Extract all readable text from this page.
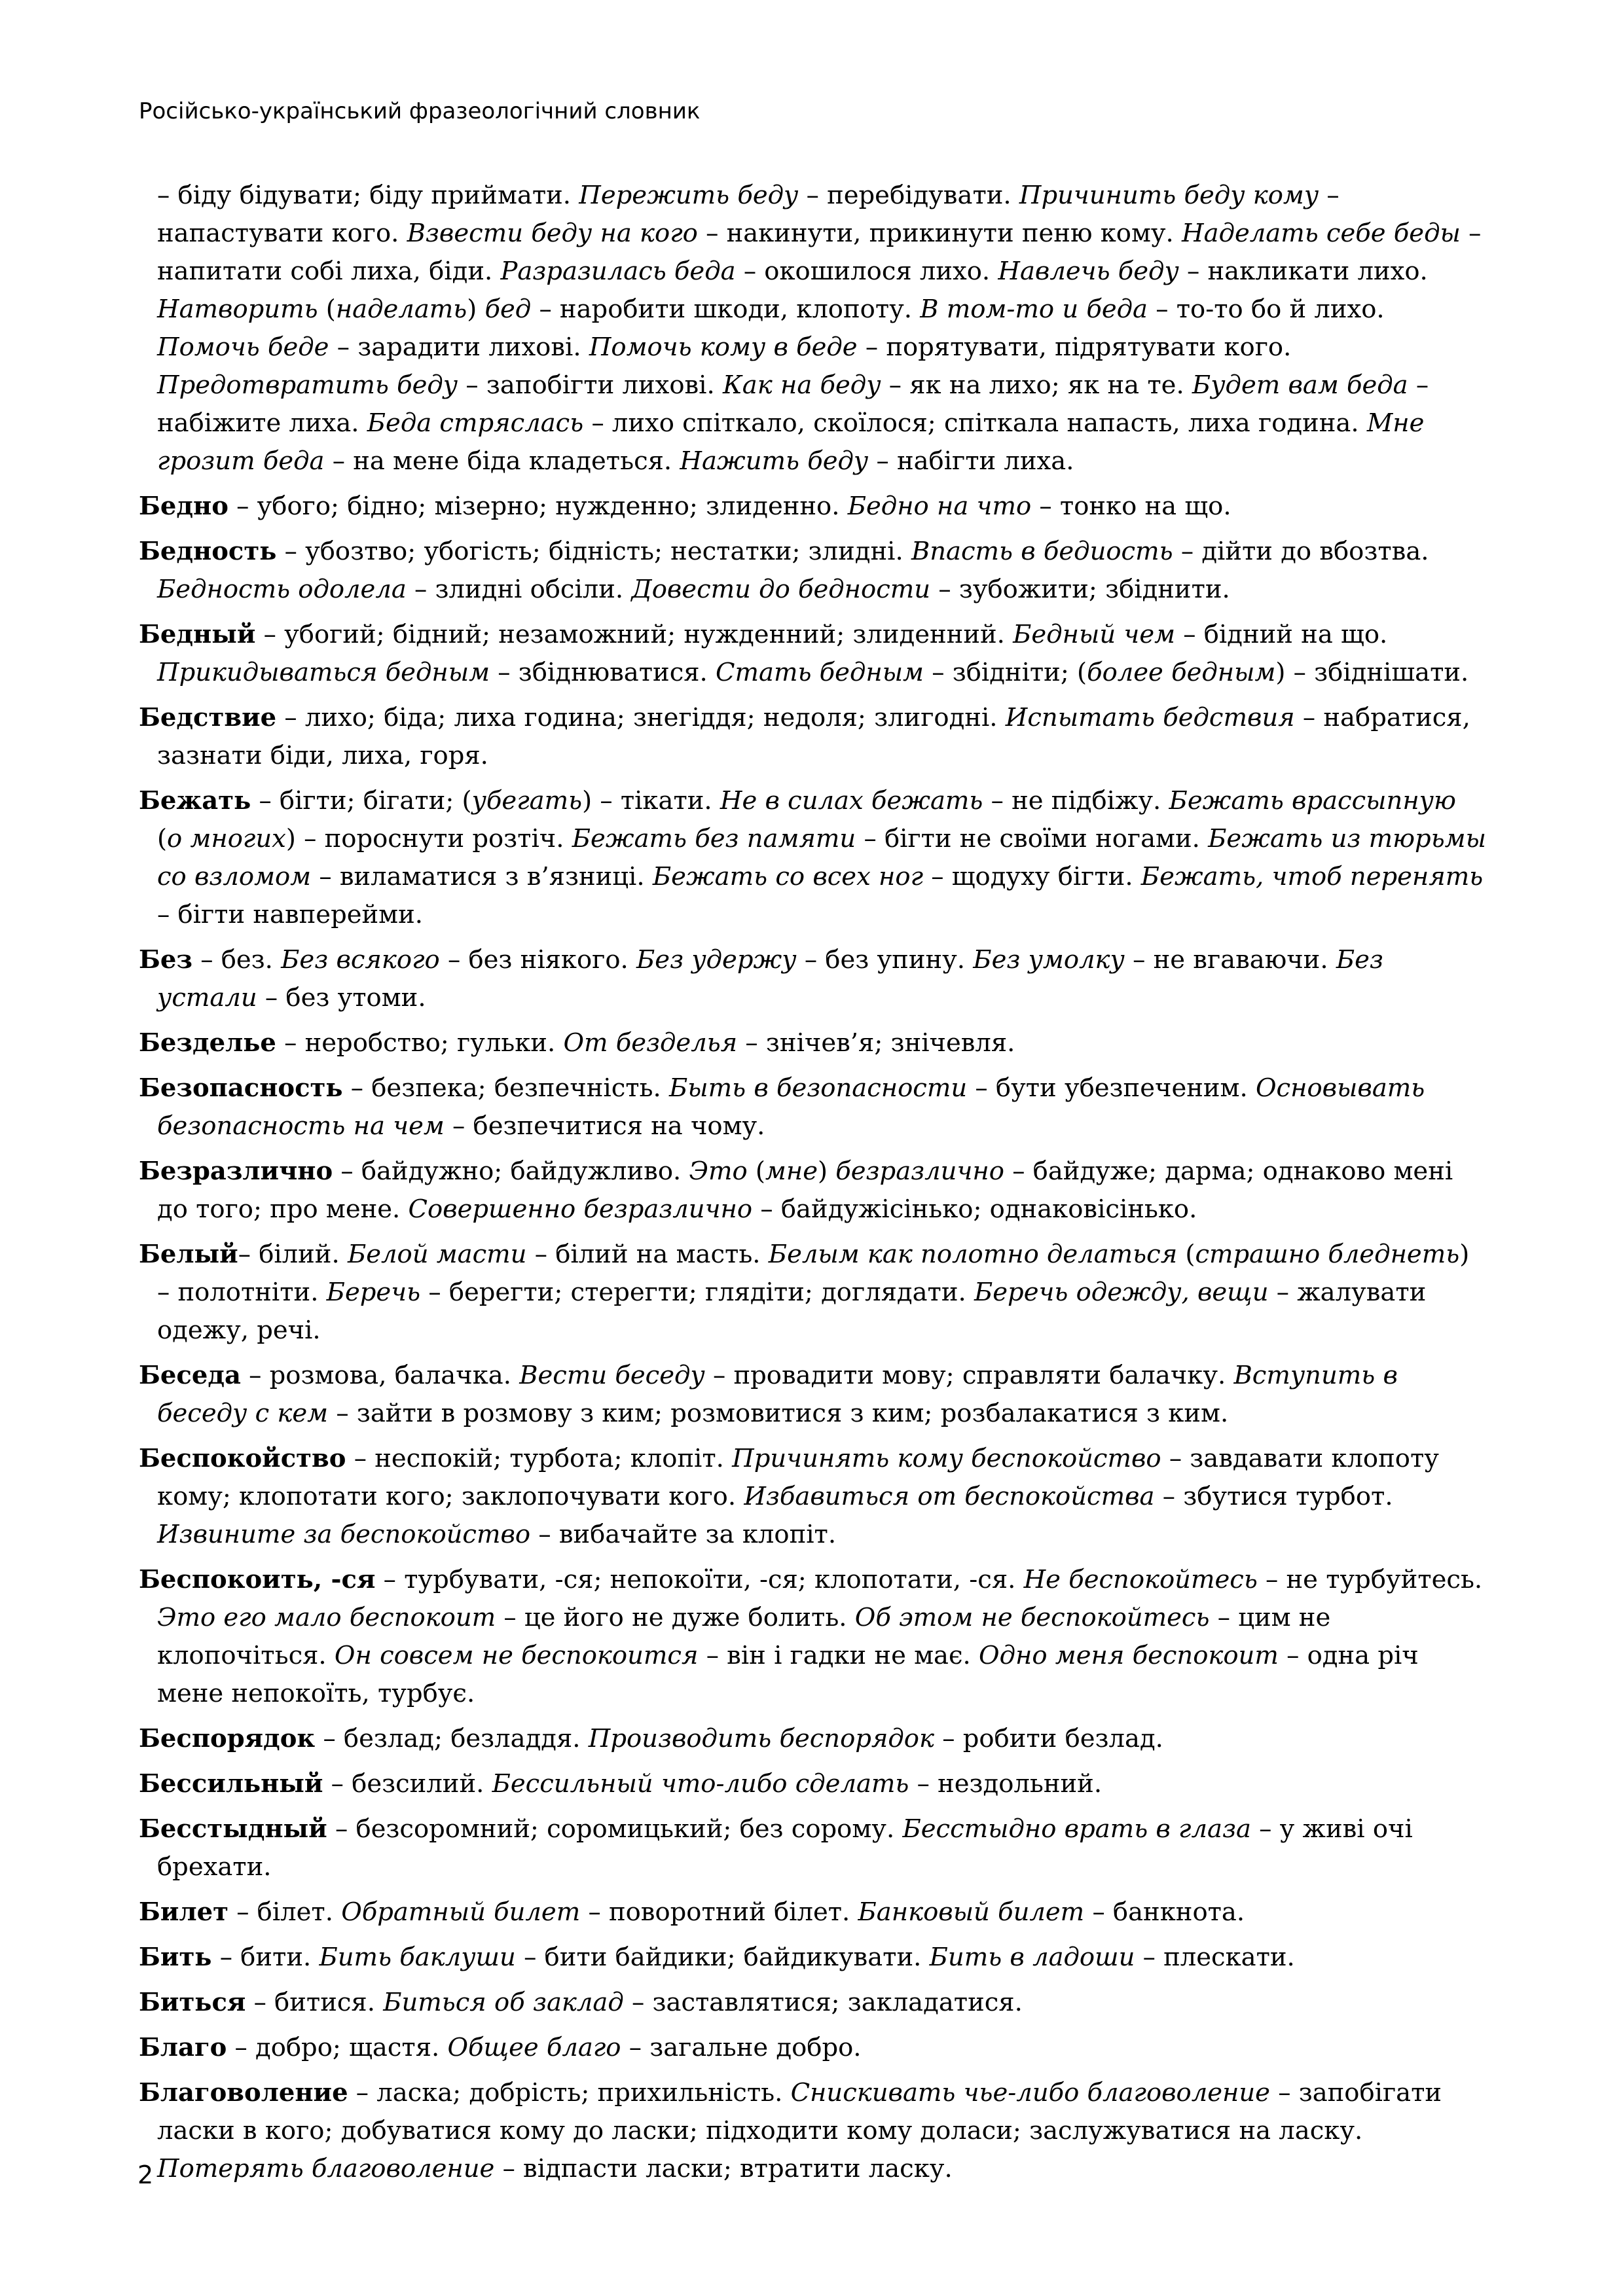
Російсько-український фразеологічний словник
– біду бідувати; біду приймати. Пережить беду – перебідувати. Причинить беду кому – напастувати кого. Взвести беду на кого – накинути, прикинути пеню кому. Наделать себе беды – напитати собі лиха, біди. Разразилась беда – окошилося лихо. Навлечь беду – накликати лихо. Натворить (наделать) бед – наробити шкоди, клопоту. В том-то и беда – то-то бо й лихо. Помочь беде – зарадити лихові. Помочь кому в беде – порятувати, підрятувати кого. Предотвратить беду – запобігти лихові. Как на беду – як на лихо; як на те. Будет вам беда – набіжите лиха. Беда стряслась – лихо спіткало, скоїлося; спіткала напасть, лиха година. Мне грозит беда – на мене біда кладеться. Нажить беду – набігти лиха.
Бедно – убого; бідно; мізерно; нужденно; злиденно. Бедно на что – тонко на що.
Бедность – убозтво; убогість; бідність; нестатки; злидні. Впасть в бедиость – дійти до вбозтва. Бедность одолела – злидні обсіли. Довести до бедности – зубожити; збіднити.
Бедный – убогий; бідний; незаможний; нужденний; злиденний. Бедный чем – бідний на що. Прикидываться бедным – збіднюватися. Стать бедным – збідніти; (более бедным) – збіднішати.
Бедствие – лихо; біда; лиха година; знегіддя; недоля; злигодні. Испытать бедствия – набратися, зазнати біди, лиха, горя.
Бежать – бігти; бігати; (убегать) – тікати. Не в силах бежать – не підбіжу. Бежать врассыпную (о многих) – пороснути розтіч. Бежать без памяти – бігти не своїми ногами. Бежать из тюрьмы со взломом – виламатися з в’язниці. Бежать со всех ног – щодуху бігти. Бежать, чтоб перенять – бігти навперейми.
Без – без. Без всякого – без ніякого. Без удержу – без упину. Без умолку – не вгаваючи. Без устали – без утоми.
Безделье – неробство; гульки. От безделья – знічев’я; знічевля.
Безопасность – безпека; безпечність. Быть в безопасности – бути убезпеченим. Основывать безопасность на чем – безпечитися на чому.
Безразлично – байдужно; байдужливо. Это (мне) безразлично – байдуже; дарма; однаково мені до того; про мене. Совершенно безразлично – байдужісінько; однаковісінько.
Белый– білий. Белой масти – білий на масть. Белым как полотно делаться (страшно бледнеть) – полотніти. Беречь – берегти; стерегти; глядіти; доглядати. Беречь одежду, вещи – жалувати одежу, речі.
Беседа – розмова, балачка. Вести беседу – провадити мову; справляти балачку. Вступить в беседу с кем – зайти в розмову з ким; розмовитися з ким; розбалакатися з ким.
Беспокойство – неспокій; турбота; клопіт. Причинять кому беспокойство – завдавати клопоту кому; клопотати кого; заклопочувати кого. Избавиться от беспокойства – збутися турбот. Извините за беспокойство – вибачайте за клопіт.
Беспокоить, -ся – турбувати, -ся; непокоїти, -ся; клопотати, -ся. Не беспокойтесь – не турбуйтесь. Это его мало беспокоит – це його не дуже болить. Об этом не беспокойтесь – цим не клопочіться. Он совсем не беспокоится – він і гадки не має. Одно меня беспокоит – одна річ мене непокоїть, турбує.
Беспорядок – безлад; безладдя. Производить беспорядок – робити безлад.
Бессильный – безсилий. Бессильный что-либо сделать – нездольний.
Бесстыдный – безсоромний; соромицький; без сорому. Бесстыдно врать в глаза – у живі очі брехати.
Билет – білет. Обратный билет – поворотний білет. Банковый билет – банкнота.
Бить – бити. Бить баклуши – бити байдики; байдикувати. Бить в ладоши – плескати.
Биться – битися. Биться об заклад – заставлятися; закладатися.
Благо – добро; щастя. Общее благо – загальне добро.
Благоволение – ласка; добрість; прихильність. Снискивать чье-либо благоволение – запобігати ласки в кого; добуватися кому до ласки; підходити кому доласи; заслужуватися на ласку. Потерять благоволение – відпасти ласки; втратити ласку.
2
